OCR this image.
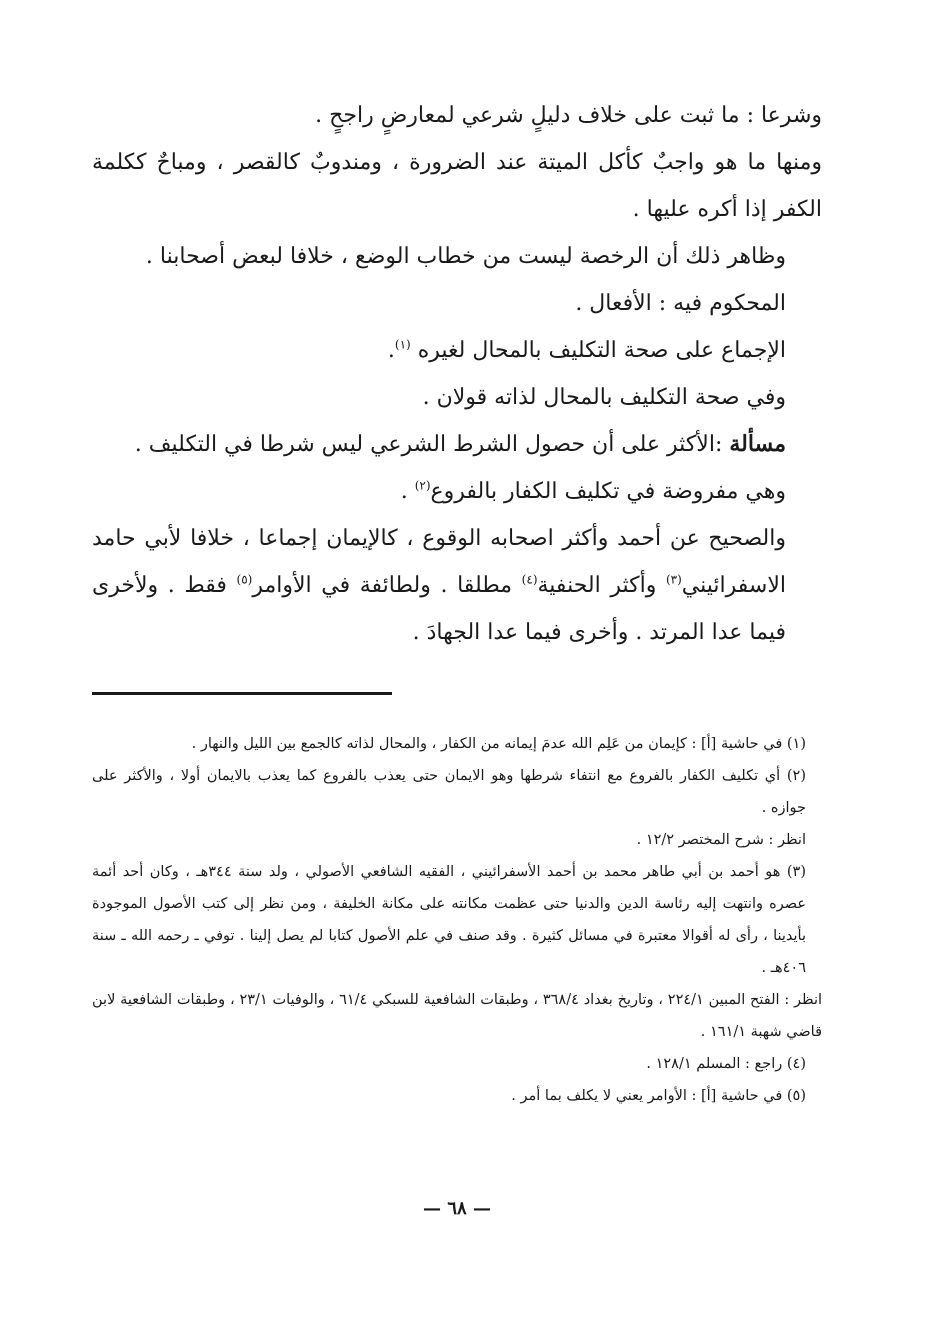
وشرعا : ما ثبت على خلاف دليلٍ شرعي لمعارضٍ راجحٍ .

ومنها ما هو واجبٌ كأكل الميتة عند الضرورة ، ومندوبٌ كالقصر ، ومباحٌ ككلمة الكفر إذا أكره عليها .

وظاهر ذلك أن الرخصة ليست من خطاب الوضع ، خلافا لبعض أصحابنا .

المحكوم فيه : الأفعال .

الإجماع على صحة التكليف بالمحال لغيره $^{(١)}$.

وفي صحة التكليف بالمحال لذاته قولان .

مسألة :الأكثر على أن حصول الشرط الشرعي ليس شرطا في التكليف .

وهي مفروضة في تكليف الكفار بالفروع$^{(٢)}$ .

والصحيح عن أحمد وأكثر اصحابه الوقوع ، كالإيمان إجماعا ، خلافا لأبي حامد الاسفرائيني$^{(٣)}$ وأكثر الحنفية$^{(٤)}$ مطلقا . ولطائفة في الأوامر$^{(٥)}$ فقط . ولأخرى فيما عدا المرتد . وأخرى فيما عدا الجهادَ .

(١) في حاشية [أ] : كإيمان من عَلِم الله عدمَ إيمانه من الكفار ، والمحال لذاته كالجمع بين الليل والنهار .

(٢) أي تكليف الكفار بالفروع مع انتفاء شرطها وهو الايمان حتى يعذب بالفروع كما يعذب بالايمان أولا ، والأكثر على جوازه .

انظر : شرح المختصر ١٢/٢ .

(٣) هو أحمد بن أبي طاهر محمد بن أحمد الأسفرائيني ، الفقيه الشافعي الأصولي ، ولد سنة ٣٤٤هـ ، وكان أحد أئمة عصره وانتهت إليه رئاسة الدين والدنيا حتى عظمت مكانته على مكانة الخليفة ، ومن نظر إلى كتب الأصول الموجودة بأيدينا ، رأى له أقوالا معتبرة في مسائل كثيرة . وقد صنف في علم الأصول كتابا لم يصل إلينا . توفي ـ رحمه الله ـ سنة ٤٠٦هـ .

انظر : الفتح المبين ٢٢٤/١ ، وتاريخ بغداد ٣٦٨/٤ ، وطبقات الشافعية للسبكي ٦١/٤ ، والوفيات ٢٣/١ ، وطبقات الشافعية لابن قاضي شهبة ١٦١/١ .

(٤) راجع : المسلم ١٢٨/١ .

(٥) في حاشية [أ] : الأوامر يعني لا يكلف بما أمر .

— ٦٨ —
